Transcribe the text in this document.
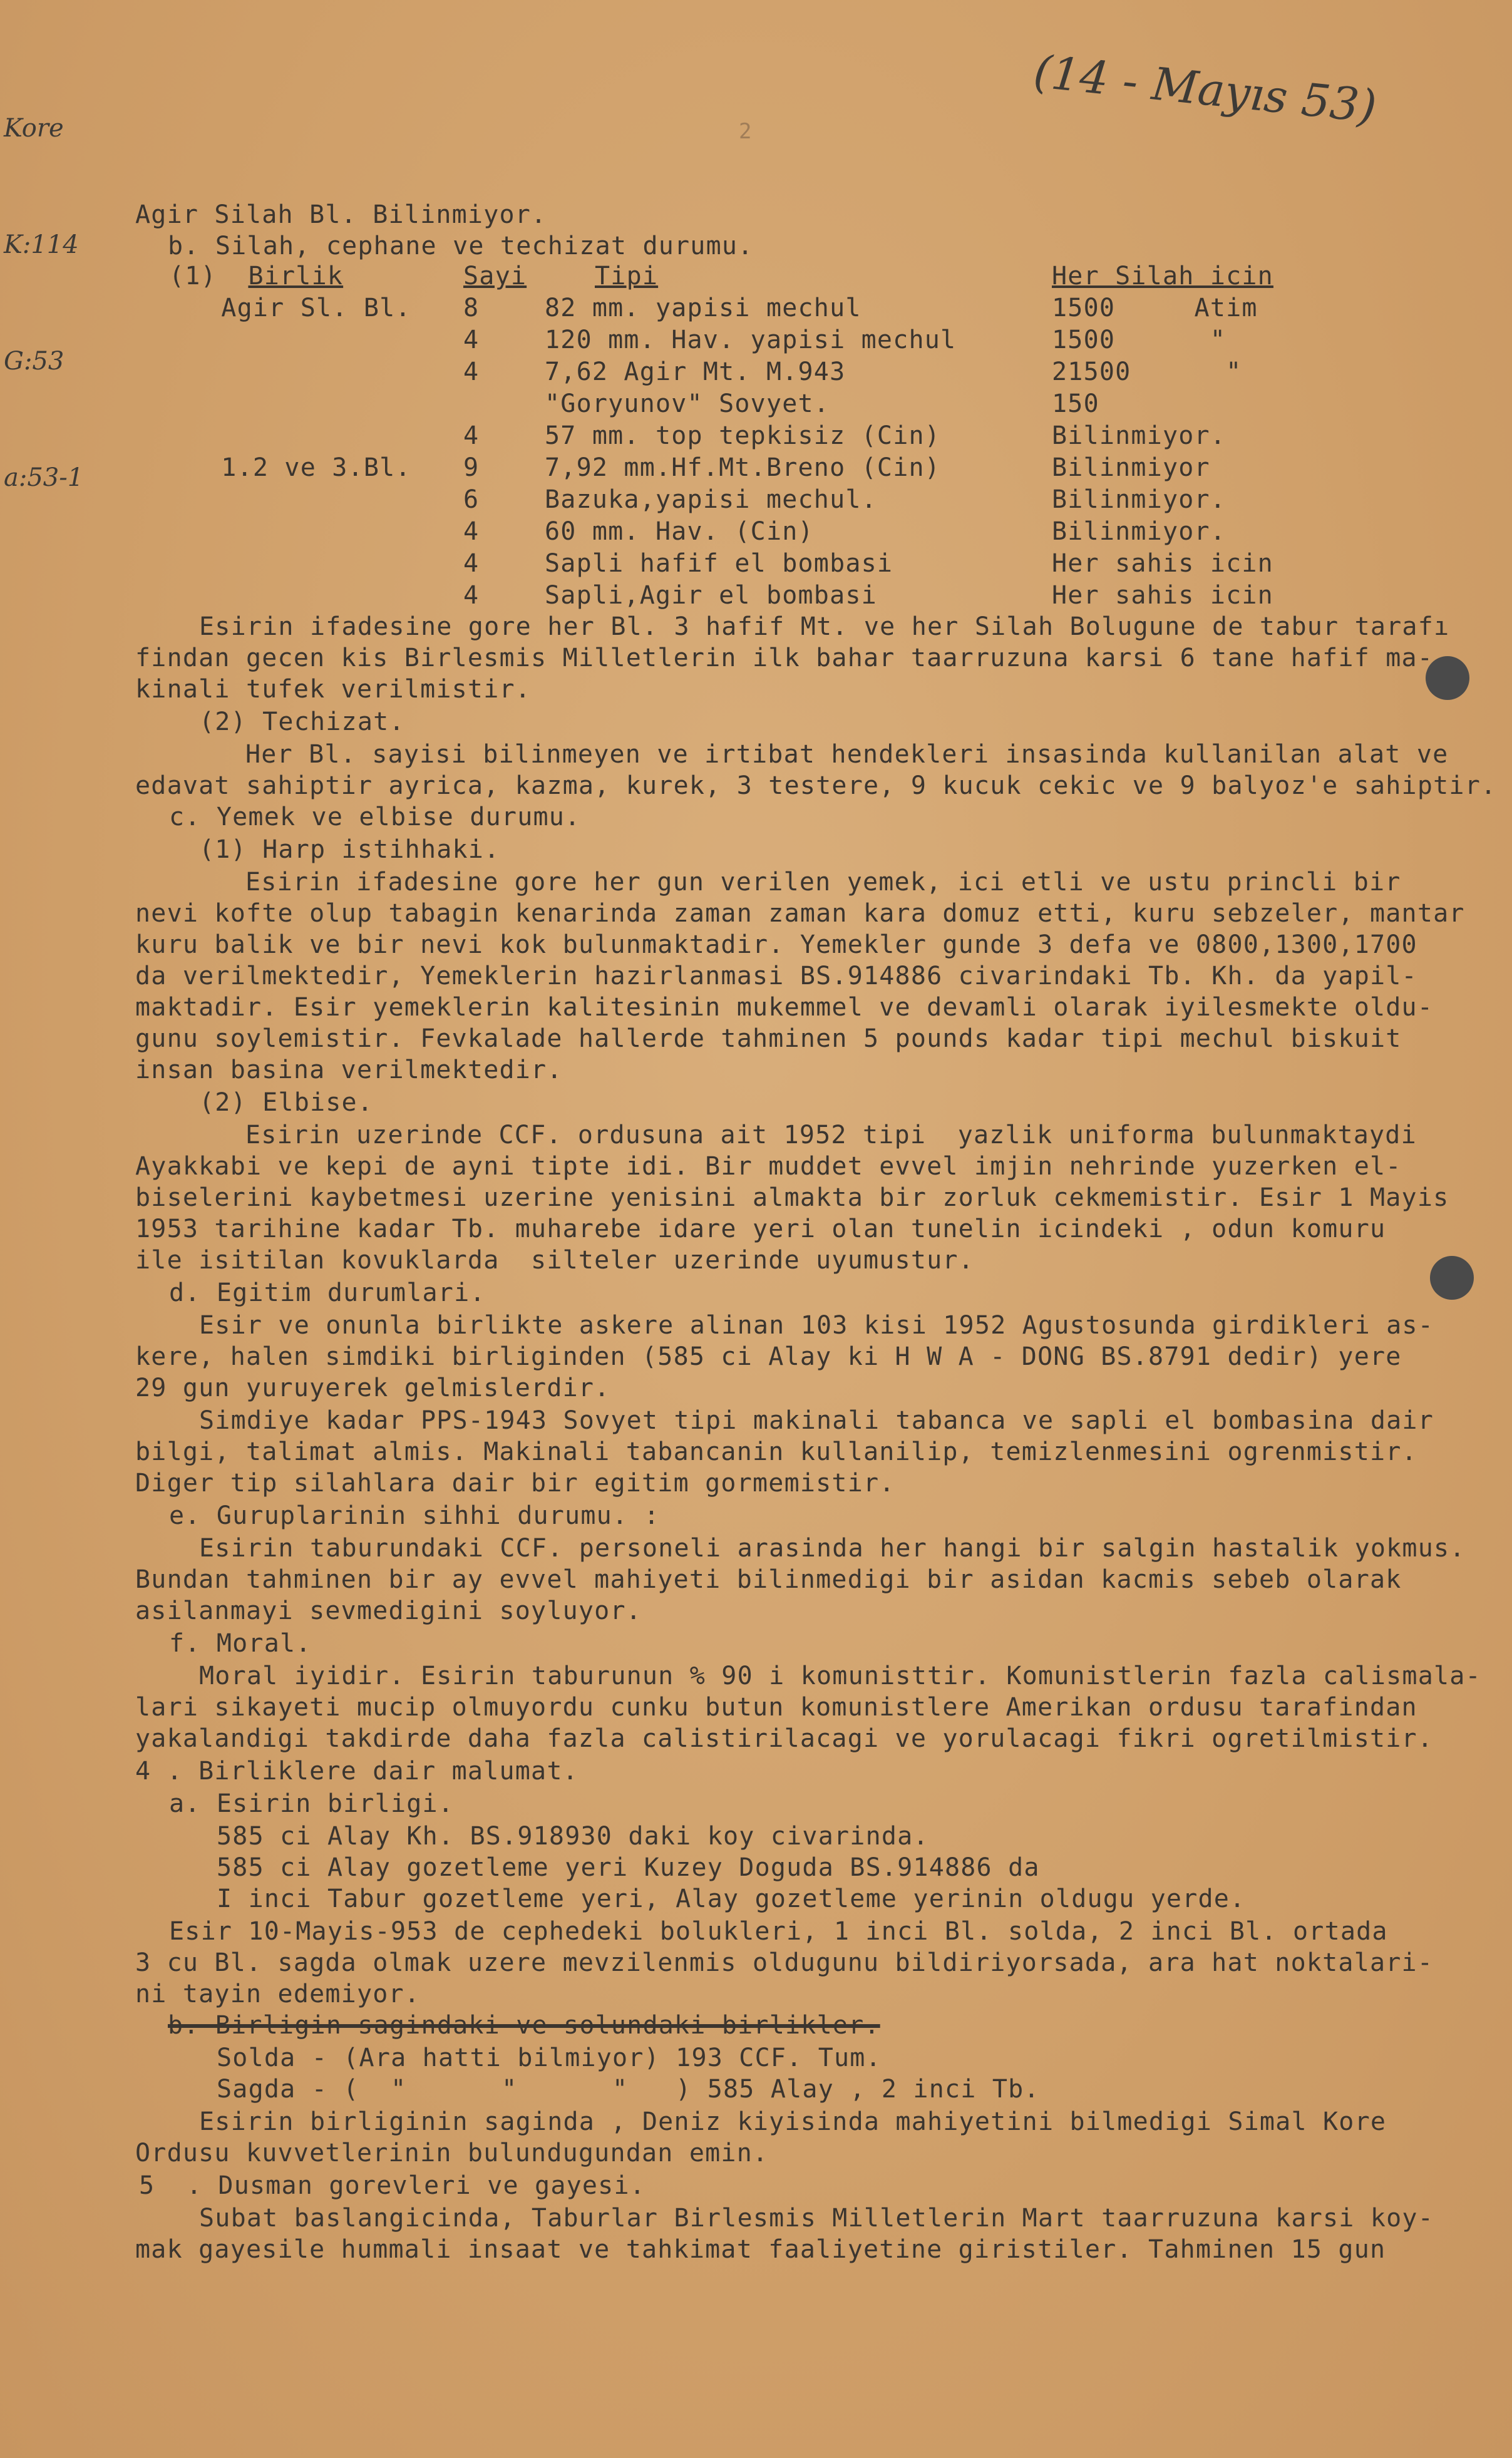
Kore

K:114

G:53

a:53-1

(14 - Mayıs 53)
2
Agir Silah Bl. Bilinmiyor.
b. Silah, cephane ve techizat durumu.
(1) Birlik	Sayi	Tipi	Her Silah icin
Agir Sl. Bl.	8	82 mm. yapisi mechul	1500     Atim
	4	120 mm. Hav. yapisi mechul	1500      "
	4	7,62 Agir Mt. M.943	21500      "
		"Goryunov" Sovyet.	150
	4	57 mm. top tepkisiz (Cin)	Bilinmiyor.
1.2 ve 3.Bl.	9	7,92 mm.Hf.Mt.Breno (Cin)	Bilinmiyor
	6	Bazuka,yapisi mechul.	Bilinmiyor.
	4	60 mm. Hav. (Cin)	Bilinmiyor.
	4	Sapli hafif el bombasi	Her sahis icin
	4	Sapli,Agir el bombasi	Her sahis icin
Esirin ifadesine gore her Bl. 3 hafif Mt. ve her Silah Bolugune de tabur tarafı
findan gecen kis Birlesmis Milletlerin ilk bahar taarruzuna karsi 6 tane hafif ma-
kinali tufek verilmistir.
(2) Techizat.
Her Bl. sayisi bilinmeyen ve irtibat hendekleri insasinda kullanilan alat ve
edavat sahiptir ayrica, kazma, kurek, 3 testere, 9 kucuk cekic ve 9 balyoz'e sahiptir.
c. Yemek ve elbise durumu.
(1) Harp istihhaki.
Esirin ifadesine gore her gun verilen yemek, ici etli ve ustu princli bir
nevi kofte olup tabagin kenarinda zaman zaman kara domuz etti, kuru sebzeler, mantar
kuru balik ve bir nevi kok bulunmaktadir. Yemekler gunde 3 defa ve 0800,1300,1700
da verilmektedir, Yemeklerin hazirlanmasi BS.914886 civarindaki Tb. Kh. da yapil-
maktadir. Esir yemeklerin kalitesinin mukemmel ve devamli olarak iyilesmekte oldu-
gunu soylemistir. Fevkalade hallerde tahminen 5 pounds kadar tipi mechul biskuit
insan basina verilmektedir.
(2) Elbise.
Esirin uzerinde CCF. ordusuna ait 1952 tipi  yazlik uniforma bulunmaktaydi
Ayakkabi ve kepi de ayni tipte idi. Bir muddet evvel imjin nehrinde yuzerken el-
biselerini kaybetmesi uzerine yenisini almakta bir zorluk cekmemistir. Esir 1 Mayis
1953 tarihine kadar Tb. muharebe idare yeri olan tunelin icindeki , odun komuru
ile isitilan kovuklarda  silteler uzerinde uyumustur.
d. Egitim durumlari.
Esir ve onunla birlikte askere alinan 103 kisi 1952 Agustosunda girdikleri as-
kere, halen simdiki birliginden (585 ci Alay ki H W A - DONG BS.8791 dedir) yere
29 gun yuruyerek gelmislerdir.
Simdiye kadar PPS-1943 Sovyet tipi makinali tabanca ve sapli el bombasina dair
bilgi, talimat almis. Makinali tabancanin kullanilip, temizlenmesini ogrenmistir.
Diger tip silahlara dair bir egitim gormemistir.
e. Guruplarinin sihhi durumu. :
Esirin taburundaki CCF. personeli arasinda her hangi bir salgin hastalik yokmus.
Bundan tahminen bir ay evvel mahiyeti bilinmedigi bir asidan kacmis sebeb olarak
asilanmayi sevmedigini soyluyor.
f. Moral.
Moral iyidir. Esirin taburunun % 90 i komunisttir. Komunistlerin fazla calismala-
lari sikayeti mucip olmuyordu cunku butun komunistlere Amerikan ordusu tarafindan
yakalandigi takdirde daha fazla calistirilacagi ve yorulacagi fikri ogretilmistir.
4 . Birliklere dair malumat.
a. Esirin birligi.
585 ci Alay Kh. BS.918930 daki koy civarinda.
585 ci Alay gozetleme yeri Kuzey Doguda BS.914886 da
I inci Tabur gozetleme yeri, Alay gozetleme yerinin oldugu yerde.
Esir 10-Mayis-953 de cephedeki bolukleri, 1 inci Bl. solda, 2 inci Bl. ortada
3 cu Bl. sagda olmak uzere mevzilenmis oldugunu bildiriyorsada, ara hat noktalari-
ni tayin edemiyor.
b. Birligin sagindaki ve solundaki birlikler.
Solda - (Ara hatti bilmiyor) 193 CCF. Tum.
Sagda - (  "      "      "   ) 585 Alay , 2 inci Tb.
Esirin birliginin saginda , Deniz kiyisinda mahiyetini bilmedigi Simal Kore
Ordusu kuvvetlerinin bulundugundan emin.
5  . Dusman gorevleri ve gayesi.
Subat baslangicinda, Taburlar Birlesmis Milletlerin Mart taarruzuna karsi koy-
mak gayesile hummali insaat ve tahkimat faaliyetine giristiler. Tahminen 15 gun
